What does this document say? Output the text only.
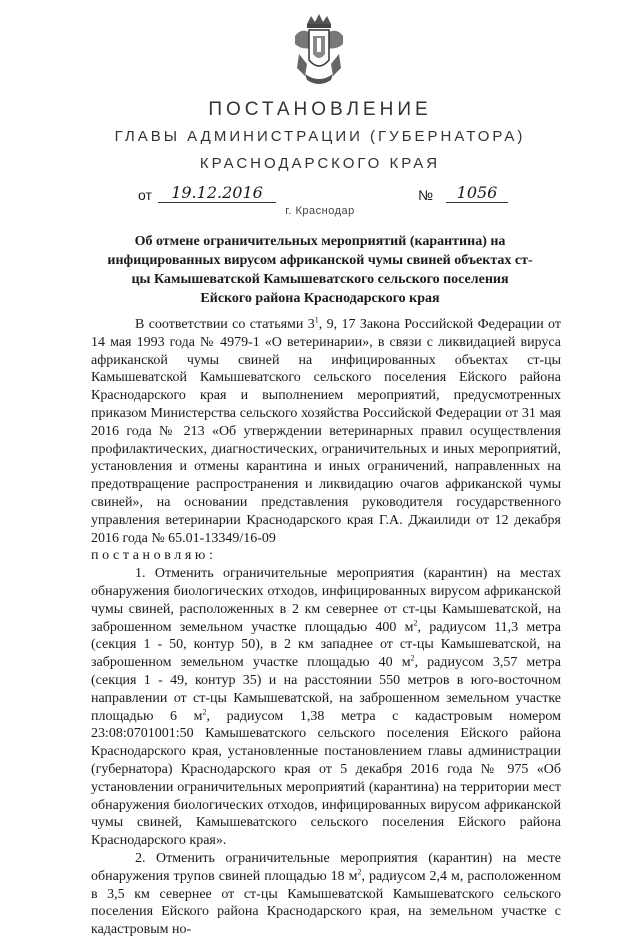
ПОСТАНОВЛЕНИЕ
ГЛАВЫ АДМИНИСТРАЦИИ (ГУБЕРНАТОРА)
КРАСНОДАРСКОГО КРАЯ
от	19.12.2016	№	1056
г. Краснодар
Об отмене ограничительных мероприятий (карантина) на инфицированных вирусом африканской чумы свиней объектах ст-цы Камышеватской Камышеватского сельского поселения Ейского района Краснодарского края

В соответствии со статьями $3^1$, 9, 17 Закона Российской Федерации от 14 мая 1993 года № 4979-1 «О ветеринарии», в связи с ликвидацией вируса африканской чумы свиней на инфицированных объектах ст-цы Камышеватской Камышеватского сельского поселения Ейского района Краснодарского края и выполнением мероприятий, предусмотренных приказом Министерства сельского хозяйства Российской Федерации от 31 мая 2016 года № 213 «Об утверждении ветеринарных правил осуществления профилактических, диагностических, ограничительных и иных мероприятий, установления и отмены карантина и иных ограничений, направленных на предотвращение распространения и ликвидацию очагов африканской чумы свиней», на основании представления руководителя государственного управления ветеринарии Краснодарского края Г.А. Джаилиди от 12 декабря 2016 года № 65.01-13349/16-09

постановляю:

1. Отменить ограничительные мероприятия (карантин) на местах обнаружения биологических отходов, инфицированных вирусом африканской чумы свиней, расположенных в 2 км севернее от ст-цы Камышеватской, на заброшенном земельном участке площадью 400 $м^2$, радиусом 11,3 метра (секция 1 - 50, контур 50), в 2 км западнее от ст-цы Камышеватской, на заброшенном земельном участке площадью 40 $м^2$, радиусом 3,57 метра (секция 1 - 49, контур 35) и на расстоянии 550 метров в юго-восточном направлении от ст-цы Камышеватской, на заброшенном земельном участке площадью 6 $м^2$, радиусом 1,38 метра с кадастровым номером 23:08:0701001:50 Камышеватского сельского поселения Ейского района Краснодарского края, установленные постановлением главы администрации (губернатора) Краснодарского края от 5 декабря 2016 года № 975 «Об установлении ограничительных мероприятий (карантина) на территории мест обнаружения биологических отходов, инфицированных вирусом африканской чумы свиней, Камышеватского сельского поселения Ейского района Краснодарского края».

2. Отменить ограничительные мероприятия (карантин) на месте обнаружения трупов свиней площадью 18 $м^2$, радиусом 2,4 м, расположенном в 3,5 км севернее от ст-цы Камышеватской Камышеватского сельского поселения Ейского района Краснодарского края, на земельном участке с кадастровым но-
